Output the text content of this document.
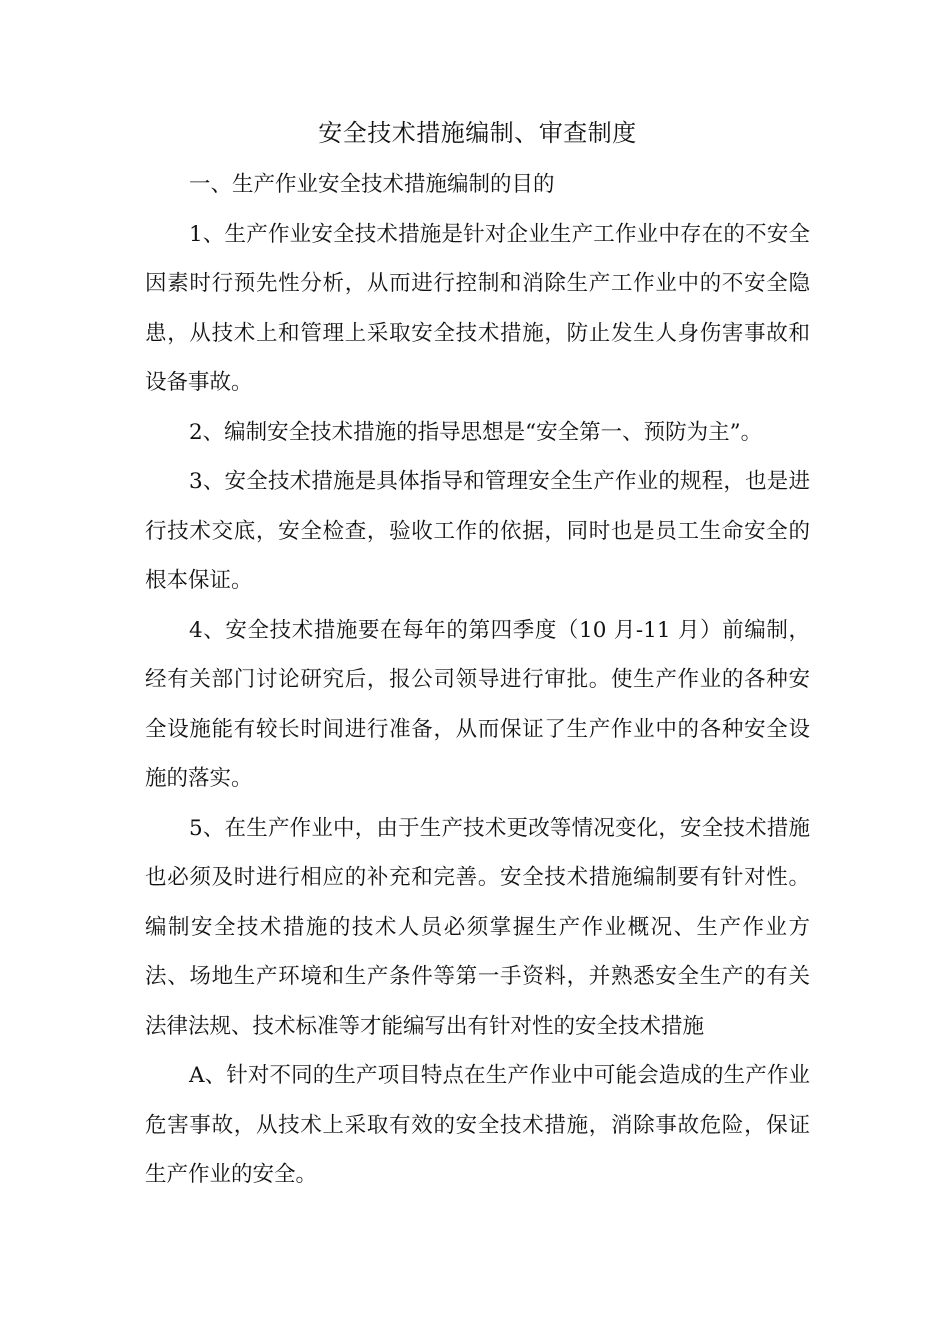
安全技术措施编制、审查制度

一、生产作业安全技术措施编制的目的

1、生产作业安全技术措施是针对企业生产工作业中存在的不安全因素时行预先性分析，从而进行控制和消除生产工作业中的不安全隐患，从技术上和管理上采取安全技术措施，防止发生人身伤害事故和设备事故。

2、编制安全技术措施的指导思想是“安全第一、预防为主”。

3、安全技术措施是具体指导和管理安全生产作业的规程，也是进行技术交底，安全检查，验收工作的依据，同时也是员工生命安全的根本保证。

4、安全技术措施要在每年的第四季度（10 月-11 月）前编制，经有关部门讨论研究后，报公司领导进行审批。使生产作业的各种安全设施能有较长时间进行准备，从而保证了生产作业中的各种安全设施的落实。

5、在生产作业中，由于生产技术更改等情况变化，安全技术措施也必须及时进行相应的补充和完善。安全技术措施编制要有针对性。编制安全技术措施的技术人员必须掌握生产作业概况、生产作业方法、场地生产环境和生产条件等第一手资料，并熟悉安全生产的有关法律法规、技术标准等才能编写出有针对性的安全技术措施

A、针对不同的生产项目特点在生产作业中可能会造成的生产作业危害事故，从技术上采取有效的安全技术措施，消除事故危险，保证生产作业的安全。
